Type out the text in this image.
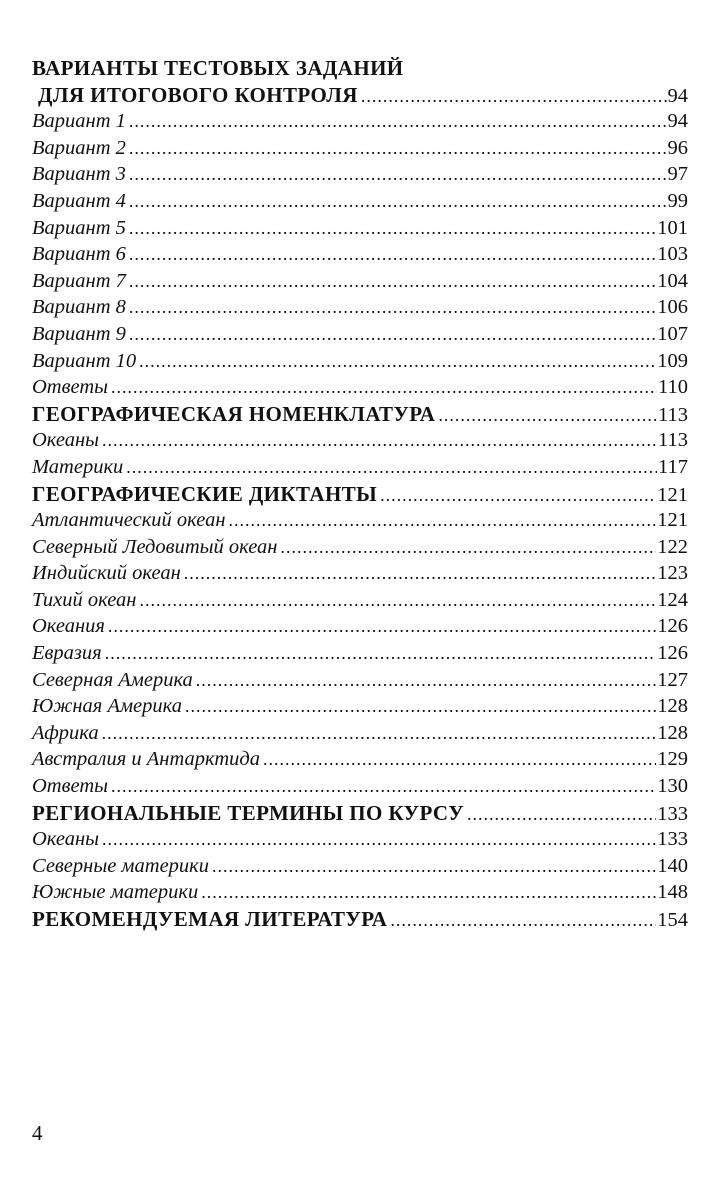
ВАРИАНТЫ ТЕСТОВЫХ ЗАДАНИЙ
ДЛЯ ИТОГОВОГО КОНТРОЛЯ .....	94
Вариант 1 .....	94
Вариант 2 .....	96
Вариант 3 .....	97
Вариант 4 .....	99
Вариант 5 .....	101
Вариант 6 .....	103
Вариант 7 .....	104
Вариант 8 .....	106
Вариант 9 .....	107
Вариант 10 .....	109
Ответы .....	110
ГЕОГРАФИЧЕСКАЯ НОМЕНКЛАТУРА .....	113
Океаны .....	113
Материки .....	117
ГЕОГРАФИЧЕСКИЕ ДИКТАНТЫ .....	121
Атлантический океан .....	121
Северный Ледовитый океан .....	122
Индийский океан .....	123
Тихий океан .....	124
Океания .....	126
Евразия .....	126
Северная Америка .....	127
Южная Америка .....	128
Африка .....	128
Австралия и Антарктида .....	129
Ответы .....	130
РЕГИОНАЛЬНЫЕ ТЕРМИНЫ ПО КУРСУ .....	133
Океаны .....	133
Северные материки .....	140
Южные материки .....	148
РЕКОМЕНДУЕМАЯ ЛИТЕРАТУРА .....	154
4
